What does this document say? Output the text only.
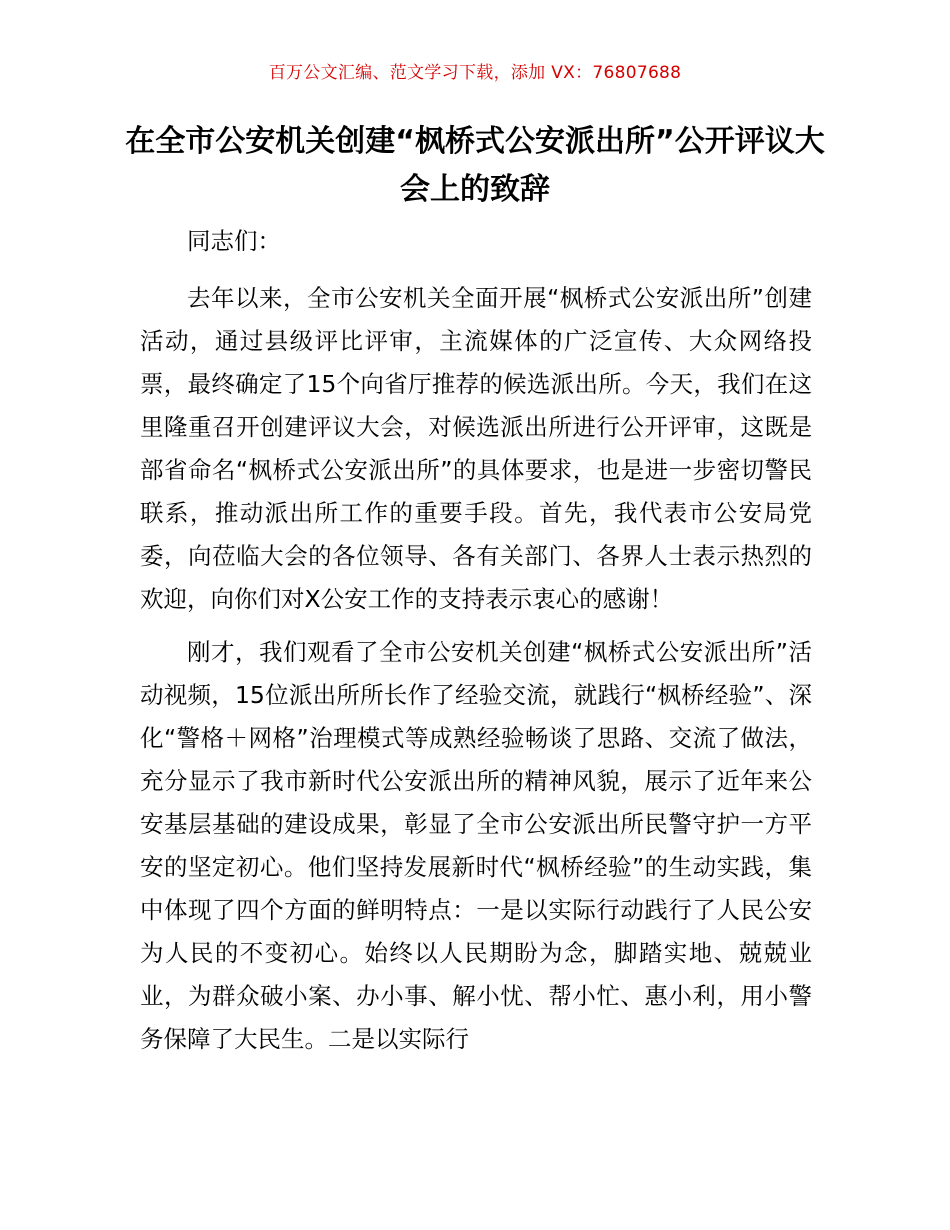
百万公文汇编、范文学习下载，添加 VX：76807688
在全市公安机关创建“枫桥式公安派出所”公开评议大会上的致辞

同志们：

去年以来，全市公安机关全面开展“枫桥式公安派出所”创建活动，通过县级评比评审，主流媒体的广泛宣传、大众网络投票，最终确定了15个向省厅推荐的候选派出所。今天，我们在这里隆重召开创建评议大会，对候选派出所进行公开评审，这既是部省命名“枫桥式公安派出所”的具体要求，也是进一步密切警民联系，推动派出所工作的重要手段。首先，我代表市公安局党委，向莅临大会的各位领导、各有关部门、各界人士表示热烈的欢迎，向你们对X公安工作的支持表示衷心的感谢！

刚才，我们观看了全市公安机关创建“枫桥式公安派出所”活动视频，15位派出所所长作了经验交流，就践行“枫桥经验”、深化“警格＋网格”治理模式等成熟经验畅谈了思路、交流了做法，充分显示了我市新时代公安派出所的精神风貌，展示了近年来公安基层基础的建设成果，彰显了全市公安派出所民警守护一方平安的坚定初心。他们坚持发展新时代“枫桥经验”的生动实践，集中体现了四个方面的鲜明特点：一是以实际行动践行了人民公安为人民的不变初心。始终以人民期盼为念，脚踏实地、兢兢业业，为群众破小案、办小事、解小忧、帮小忙、惠小利，用小警务保障了大民生。二是以实际行
